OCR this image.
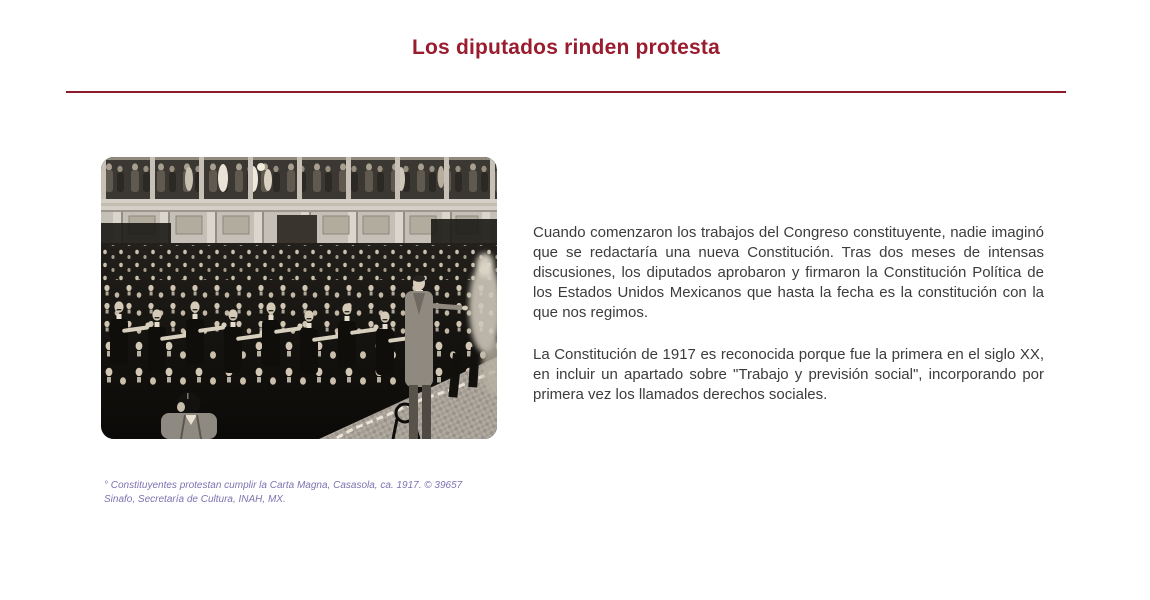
Los diputados rinden protesta

Cuando comenzaron los trabajos del Congreso constituyente, nadie imaginó que se redactaría una nueva Constitución. Tras dos meses de intensas discusiones, los diputados aprobaron y firmaron la Constitución Política de los Estados Unidos Mexicanos que hasta la fecha es la constitución con la que nos regimos.

La Constitución de 1917 es reconocida porque fue la primera en el siglo XX, en incluir un apartado sobre "Trabajo y previsión social", incorporando por primera vez los llamados derechos sociales.

° Constituyentes protestan cumplir la Carta Magna, Casasola, ca. 1917. © 39657 Sinafo, Secretaría de Cultura, INAH, MX.
